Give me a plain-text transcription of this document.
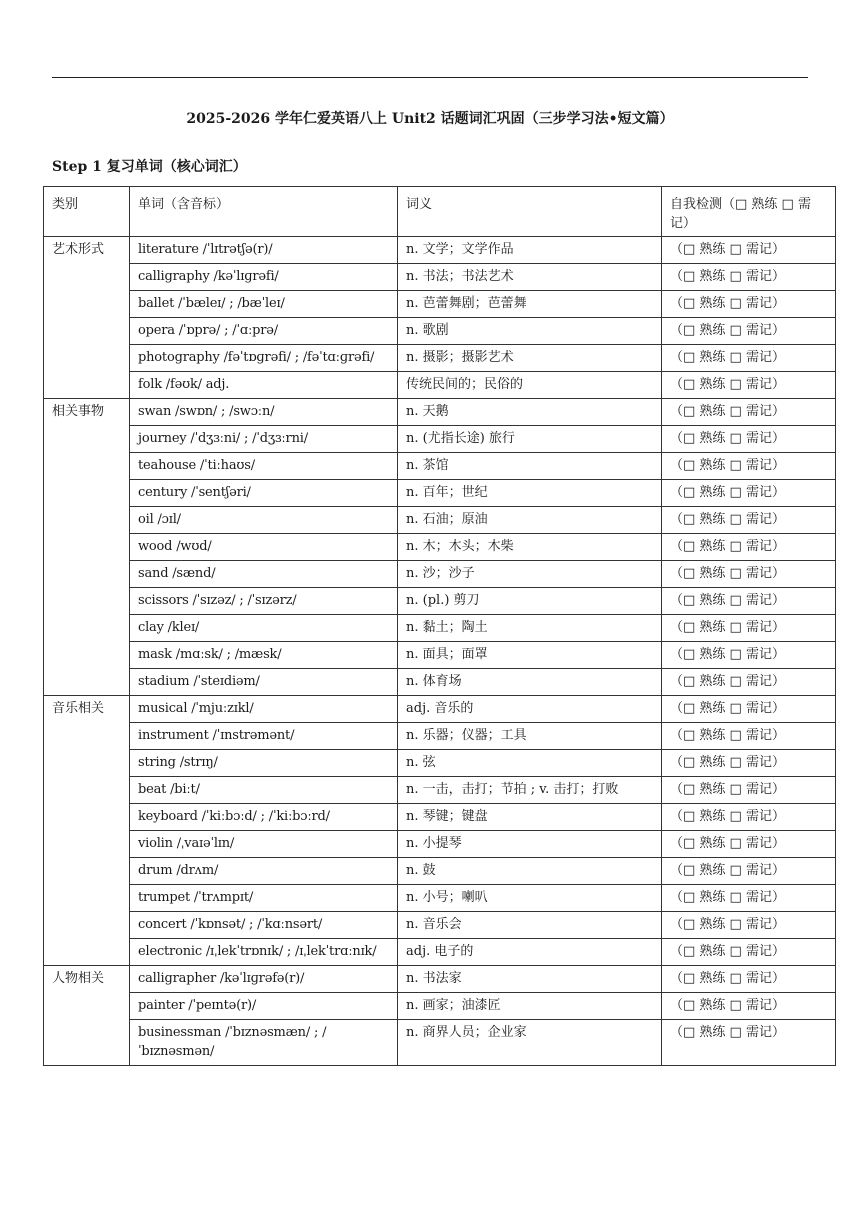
2025-2026 学年仁爱英语八上 Unit2 话题词汇巩固（三步学习法•短文篇）
Step 1 复习单词（核心词汇）
类别	单词（含音标）	词义	自我检测（□ 熟练 □ 需记）
艺术形式	literature /ˈlɪtrətʃə(r)/	n. 文学；文学作品	（□ 熟练 □ 需记）
	calligraphy /kəˈlɪɡrəfi/	n. 书法；书法艺术	（□ 熟练 □ 需记）
	ballet /ˈbæleɪ/ ; /bæˈleɪ/	n. 芭蕾舞剧；芭蕾舞	（□ 熟练 □ 需记）
	opera /ˈɒprə/ ; /ˈɑːprə/	n. 歌剧	（□ 熟练 □ 需记）
	photography /fəˈtɒɡrəfi/ ; /fəˈtɑːɡrəfi/	n. 摄影；摄影艺术	（□ 熟练 □ 需记）
	folk /fəʊk/ adj.	传统民间的；民俗的	（□ 熟练 □ 需记）
相关事物	swan /swɒn/ ; /swɔːn/	n. 天鹅	（□ 熟练 □ 需记）
	journey /ˈdʒɜːni/ ; /ˈdʒɜːrni/	n. (尤指长途) 旅行	（□ 熟练 □ 需记）
	teahouse /ˈtiːhaʊs/	n. 茶馆	（□ 熟练 □ 需记）
	century /ˈsentʃəri/	n. 百年；世纪	（□ 熟练 □ 需记）
	oil /ɔɪl/	n. 石油；原油	（□ 熟练 □ 需记）
	wood /wʊd/	n. 木；木头；木柴	（□ 熟练 □ 需记）
	sand /sænd/	n. 沙；沙子	（□ 熟练 □ 需记）
	scissors /ˈsɪzəz/ ; /ˈsɪzərz/	n. (pl.) 剪刀	（□ 熟练 □ 需记）
	clay /kleɪ/	n. 黏土；陶土	（□ 熟练 □ 需记）
	mask /mɑːsk/ ; /mæsk/	n. 面具；面罩	（□ 熟练 □ 需记）
	stadium /ˈsteɪdiəm/	n. 体育场	（□ 熟练 □ 需记）
音乐相关	musical /ˈmjuːzɪkl/	adj. 音乐的	（□ 熟练 □ 需记）
	instrument /ˈɪnstrəmənt/	n. 乐器；仪器；工具	（□ 熟练 □ 需记）
	string /strɪŋ/	n. 弦	（□ 熟练 □ 需记）
	beat /biːt/	n. 一击，击打；节拍 ; v. 击打；打败	（□ 熟练 □ 需记）
	keyboard /ˈkiːbɔːd/ ; /ˈkiːbɔːrd/	n. 琴键；键盘	（□ 熟练 □ 需记）
	violin /ˌvaɪəˈlɪn/	n. 小提琴	（□ 熟练 □ 需记）
	drum /drʌm/	n. 鼓	（□ 熟练 □ 需记）
	trumpet /ˈtrʌmpɪt/	n. 小号；喇叭	（□ 熟练 □ 需记）
	concert /ˈkɒnsət/ ; /ˈkɑːnsərt/	n. 音乐会	（□ 熟练 □ 需记）
	electronic /ɪˌlekˈtrɒnɪk/ ; /ɪˌlekˈtrɑːnɪk/	adj. 电子的	（□ 熟练 □ 需记）
人物相关	calligrapher /kəˈlɪɡrəfə(r)/	n. 书法家	（□ 熟练 □ 需记）
	painter /ˈpeɪntə(r)/	n. 画家；油漆匠	（□ 熟练 □ 需记）
	businessman /ˈbɪznəsmæn/ ; /ˈbɪznəsmən/	n. 商界人员；企业家	（□ 熟练 □ 需记）
